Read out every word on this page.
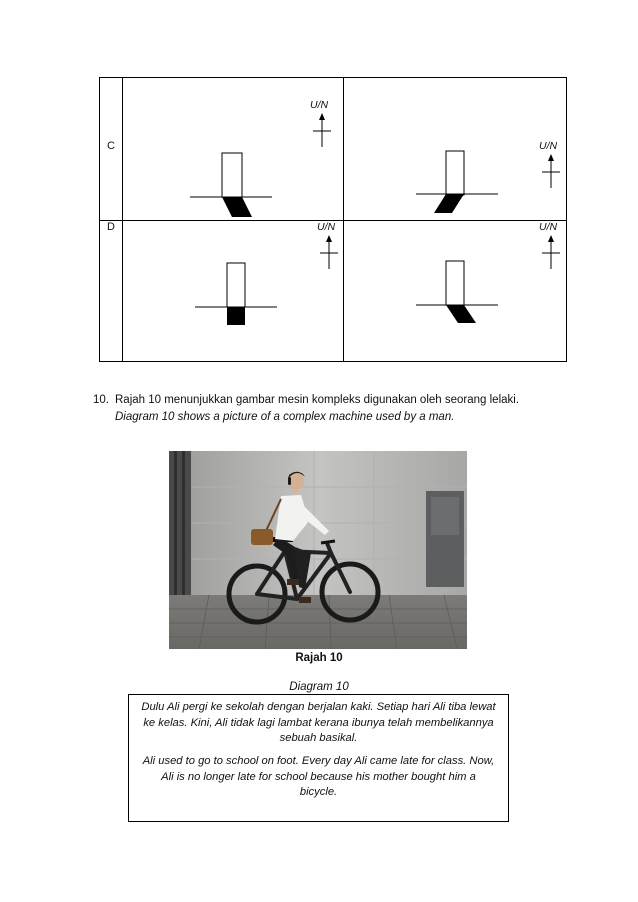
C
D
U/N
U/N
U/N	U/N
10. Rajah 10 menunjukkan gambar mesin kompleks digunakan oleh seorang lelaki.
Diagram 10 shows a picture of a complex machine used by a man.
Rajah 10
Diagram 10

Dulu Ali pergi ke sekolah dengan berjalan kaki. Setiap hari Ali tiba lewat ke kelas. Kini, Ali tidak lagi lambat kerana ibunya telah membelikannya sebuah basikal.

Ali used to go to school on foot. Every day Ali came late for class. Now, Ali is no longer late for school because his mother bought him a bicycle.
